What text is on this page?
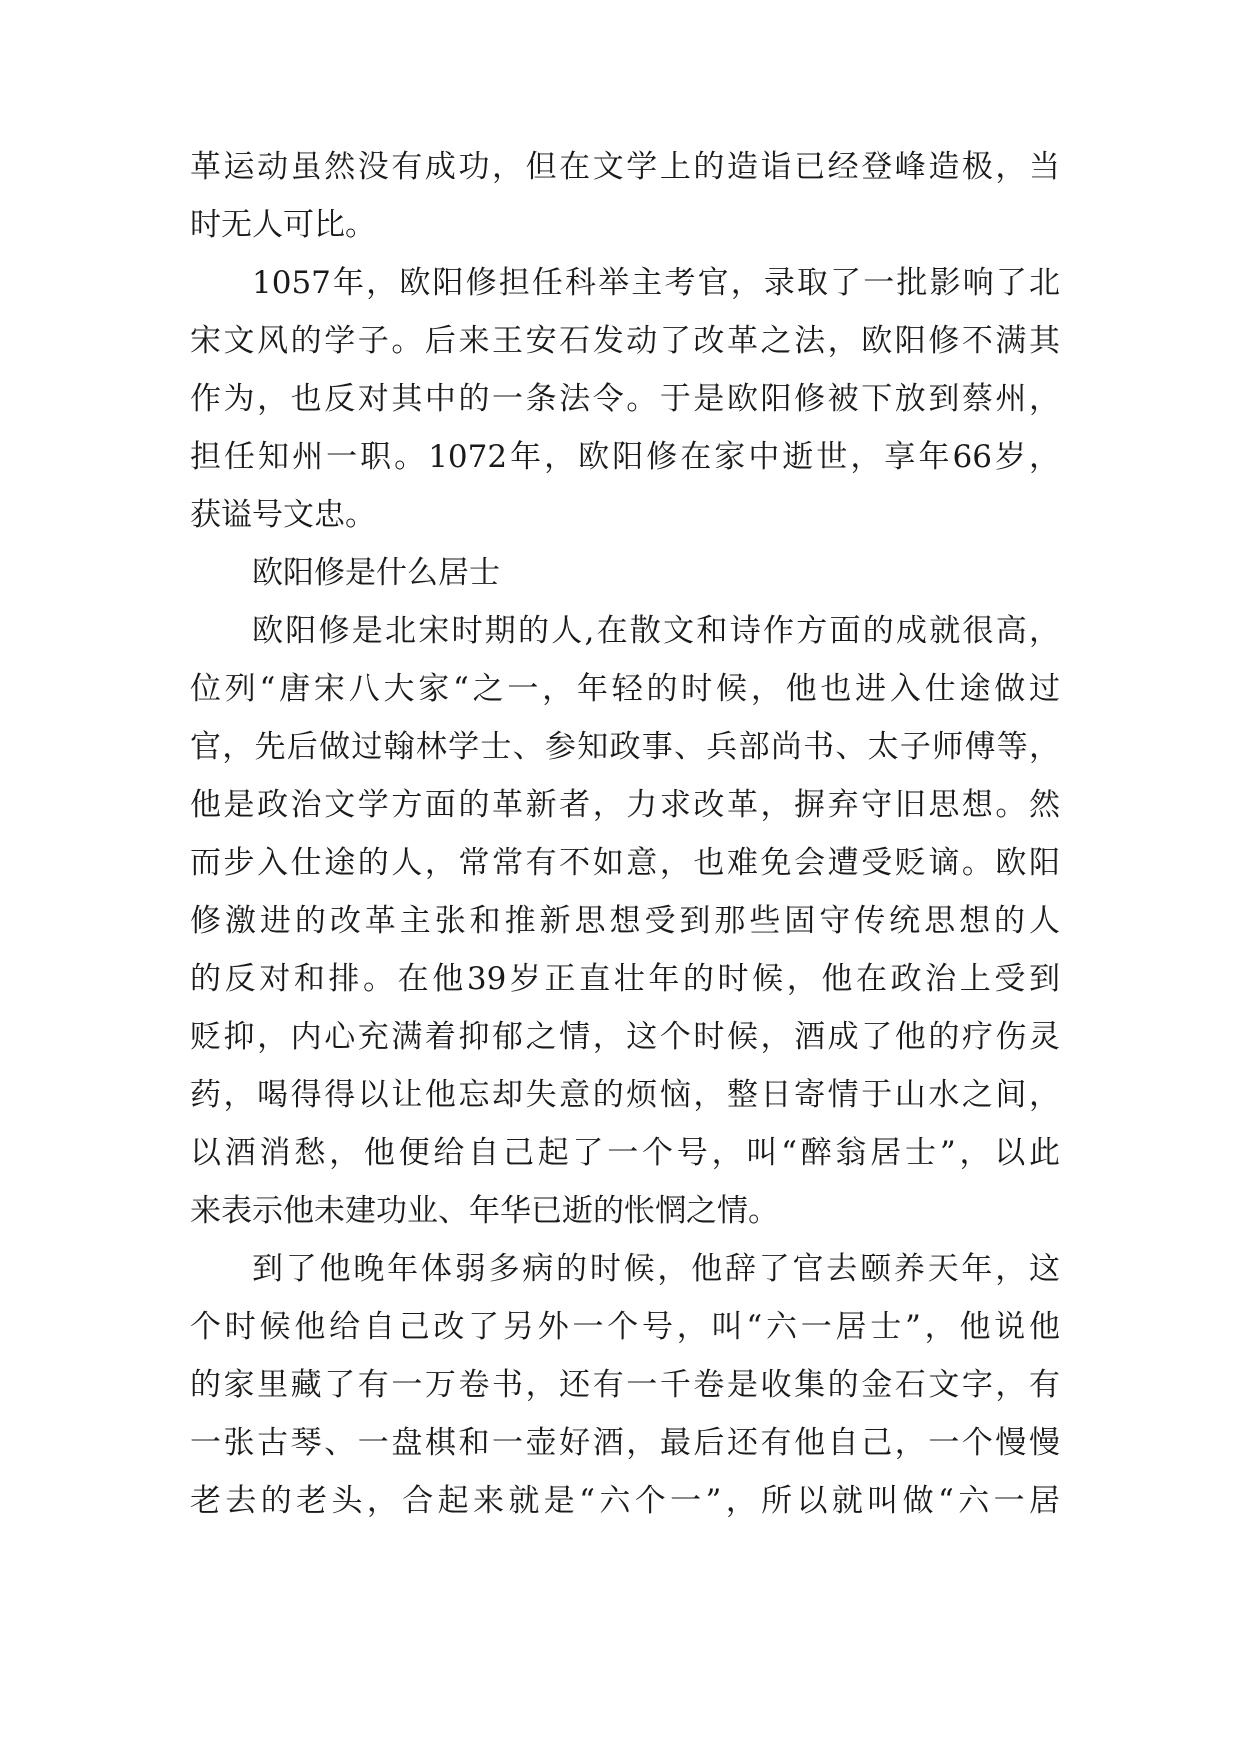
革运动虽然没有成功，但在文学上的造诣已经登峰造极，当
时无人可比。
1057年，欧阳修担任科举主考官，录取了一批影响了北
宋文风的学子。后来王安石发动了改革之法，欧阳修不满其
作为，也反对其中的一条法令。于是欧阳修被下放到蔡州，
担任知州一职。1072年，欧阳修在家中逝世，享年66岁，
获谥号文忠。
欧阳修是什么居士
欧阳修是北宋时期的人,在散文和诗作方面的成就很高，
位列“唐宋八大家“之一，年轻的时候，他也进入仕途做过
官，先后做过翰林学士、参知政事、兵部尚书、太子师傅等，
他是政治文学方面的革新者，力求改革，摒弃守旧思想。然
而步入仕途的人，常常有不如意，也难免会遭受贬谪。欧阳
修激进的改革主张和推新思想受到那些固守传统思想的人
的反对和排。在他39岁正直壮年的时候，他在政治上受到
贬抑，内心充满着抑郁之情，这个时候，酒成了他的疗伤灵
药，喝得得以让他忘却失意的烦恼，整日寄情于山水之间，
以酒消愁，他便给自己起了一个号，叫“醉翁居士”，以此
来表示他未建功业、年华已逝的怅惘之情。
到了他晚年体弱多病的时候，他辞了官去颐养天年，这
个时候他给自己改了另外一个号，叫“六一居士”，他说他
的家里藏了有一万卷书，还有一千卷是收集的金石文字，有
一张古琴、一盘棋和一壶好酒，最后还有他自己，一个慢慢
老去的老头，合起来就是“六个一”，所以就叫做“六一居
